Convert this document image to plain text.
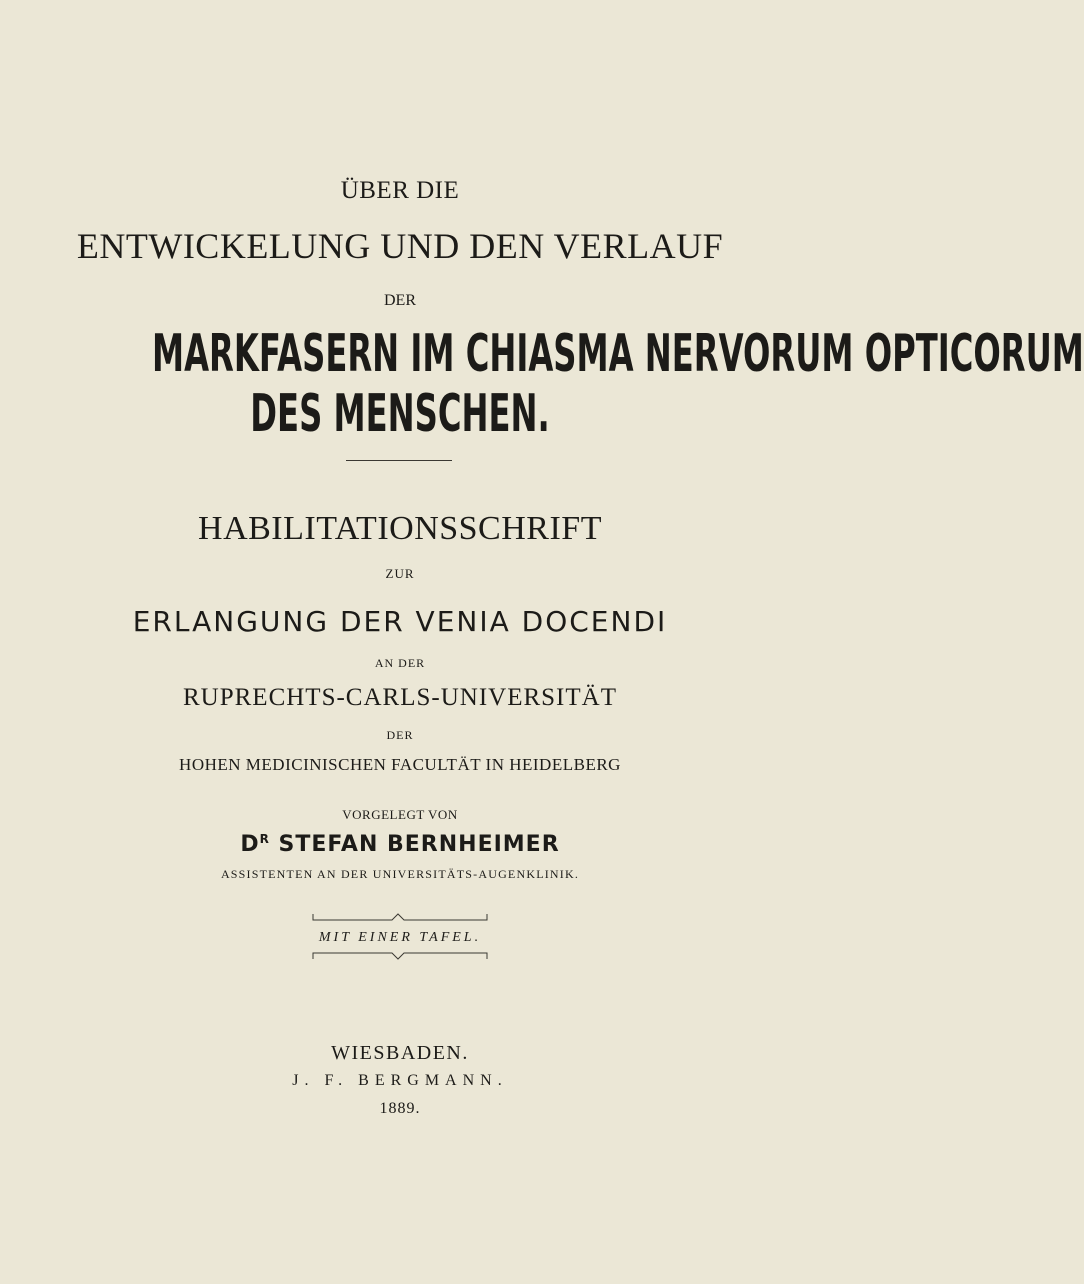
ÜBER DIE
ENTWICKELUNG UND DEN VERLAUF
DER
MARKFASERN IM CHIASMA NERVORUM OPTICORUM
DES MENSCHEN.
HABILITATIONSSCHRIFT
ZUR
ERLANGUNG DER VENIA DOCENDI
AN DER
RUPRECHTS-CARLS-UNIVERSITÄT
DER
HOHEN MEDICINISCHEN FACULTÄT IN HEIDELBERG
VORGELEGT VON
$D^R$ STEFAN BERNHEIMER
ASSISTENTEN AN DER UNIVERSITÄTS-AUGENKLINIK.
MIT EINER TAFEL.
WIESBADEN.
J. F. BERGMANN.
1889.
